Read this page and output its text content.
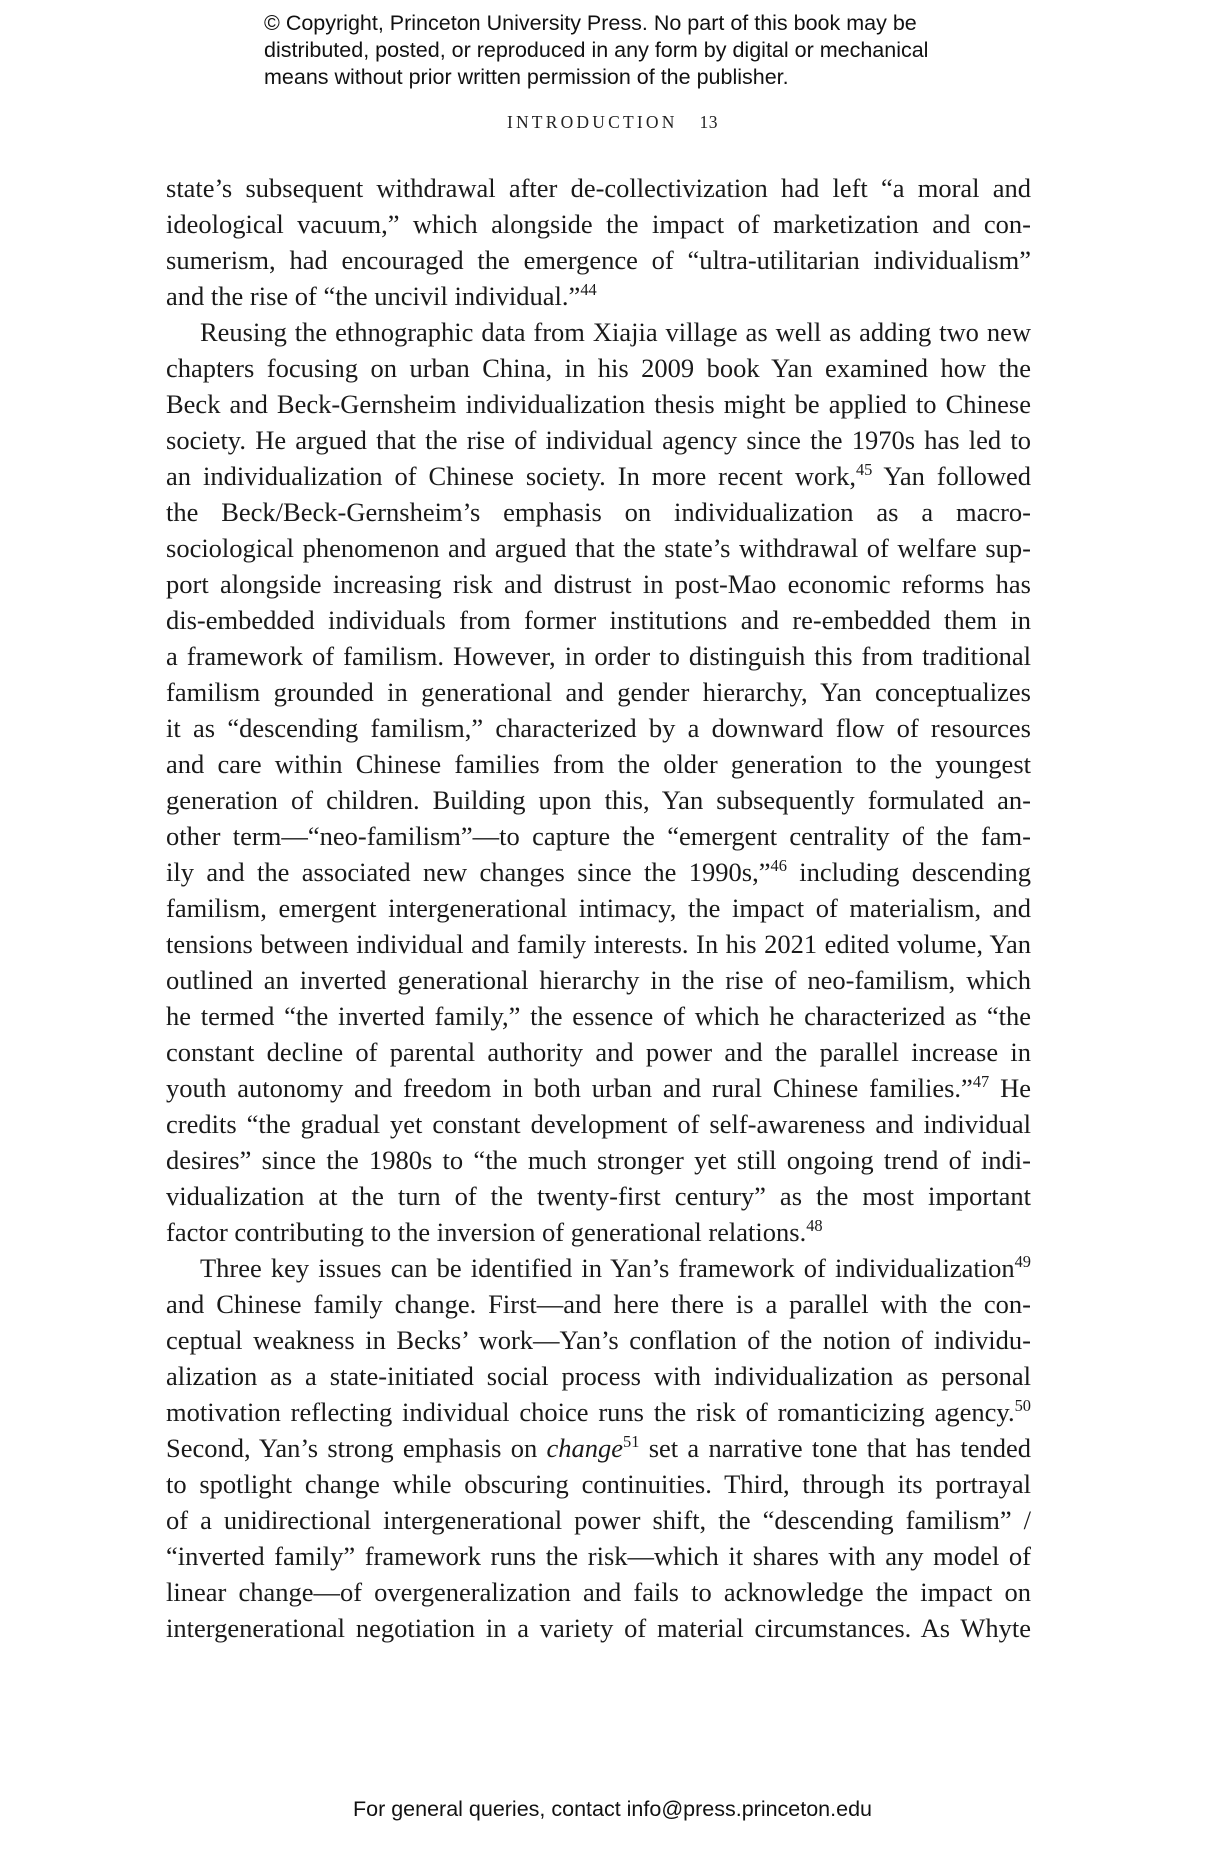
© Copyright, Princeton University Press. No part of this book may be
distributed, posted, or reproduced in any form by digital or mechanical
means without prior written permission of the publisher.
INTRODUCTION 13
state’s subsequent withdrawal after de-collectivization had left “a moral and
ideological vacuum,” which alongside the impact of marketization and con-
sumerism, had encouraged the emergence of “ultra-utilitarian individualism”
and the rise of “the uncivil individual.”$^{44}$
Reusing the ethnographic data from Xiajia village as well as adding two new
chapters focusing on urban China, in his 2009 book Yan examined how the
Beck and Beck-Gernsheim individualization thesis might be applied to Chinese
society. He argued that the rise of individual agency since the 1970s has led to
an individualization of Chinese society. In more recent work,$^{45}$ Yan followed
the Beck/Beck-Gernsheim’s emphasis on individualization as a macro-
sociological phenomenon and argued that the state’s withdrawal of welfare sup-
port alongside increasing risk and distrust in post-Mao economic reforms has
dis-embedded individuals from former institutions and re-embedded them in
a framework of familism. However, in order to distinguish this from traditional
familism grounded in generational and gender hierarchy, Yan conceptualizes
it as “descending familism,” characterized by a downward flow of resources
and care within Chinese families from the older generation to the youngest
generation of children. Building upon this, Yan subsequently formulated an-
other term—“neo-familism”—to capture the “emergent centrality of the fam-
ily and the associated new changes since the 1990s,”$^{46}$ including descending
familism, emergent intergenerational intimacy, the impact of materialism, and
tensions between individual and family interests. In his 2021 edited volume, Yan
outlined an inverted generational hierarchy in the rise of neo-familism, which
he termed “the inverted family,” the essence of which he characterized as “the
constant decline of parental authority and power and the parallel increase in
youth autonomy and freedom in both urban and rural Chinese families.”$^{47}$ He
credits “the gradual yet constant development of self-awareness and individual
desires” since the 1980s to “the much stronger yet still ongoing trend of indi-
vidualization at the turn of the twenty-first century” as the most important
factor contributing to the inversion of generational relations.$^{48}$
Three key issues can be identified in Yan’s framework of individualization$^{49}$
and Chinese family change. First—and here there is a parallel with the con-
ceptual weakness in Becks’ work—Yan’s conflation of the notion of individu-
alization as a state-initiated social process with individualization as personal
motivation reflecting individual choice runs the risk of romanticizing agency.$^{50}$
Second, Yan’s strong emphasis on change$^{51}$ set a narrative tone that has tended
to spotlight change while obscuring continuities. Third, through its portrayal
of a unidirectional intergenerational power shift, the “descending familism” /
“inverted family” framework runs the risk—which it shares with any model of
linear change—of overgeneralization and fails to acknowledge the impact on
intergenerational negotiation in a variety of material circumstances. As Whyte
For general queries, contact info@press.princeton.edu
